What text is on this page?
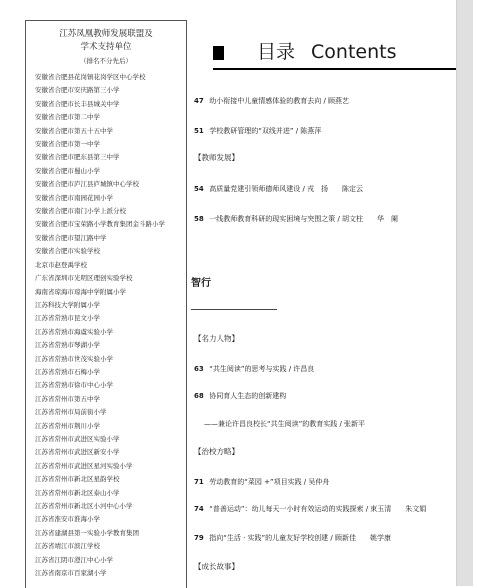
江苏凤凰教师发展联盟及
学术支持单位
（排名不分先后）
安徽省合肥县花岗镇花岗学区中心学校
安徽省合肥市安庆路第三小学
安徽省合肥市长丰县城关中学
安徽省合肥市第二中学
安徽省合肥市第五十五中学
安徽省合肥市第一中学
安徽省合肥市肥东县第三中学
安徽省合肥市蜀山小学
安徽省合肥市庐江县庐城镇中心学校
安徽省合肥市南园花园小学
安徽省合肥市南门小学上派分校
安徽省合肥市宝荣路小学教育集团金斗路小学
安徽省合肥市望江路中学
安徽省合肥市实验学校
北京市赵登禹学校
广东省深圳市光明区理创实验学校
海南省琼海市琼海中学附属小学
江苏科技大学附属小学
江苏省常熟市昆文小学
江苏省常熟市海虞实验小学
江苏省常熟市琴湖小学
江苏省常熟市世茂实验小学
江苏省常熟市石梅小学
江苏省常熟市徐市中心小学
江苏省常州市第五中学
江苏省常州市局前街小学
江苏省常州市荆川小学
江苏省常州市武进区实验小学
江苏省常州市武进区新安小学
江苏省常州市武进区星河实验小学
江苏省常州市新北区星韵学校
江苏省常州市新北区泰山小学
江苏省常州市新北区小河中心小学
江苏省淮安市淮海小学
江苏省建湖县第一实验小学教育集团
江苏省靖江市滨江学校
江苏省江阴市澄江中心小学
江苏省南京市百家湖小学
目录 Contents
47 幼小衔接中儿童情感体验的教育去向 / 顾燕艺
51 学校教研管理的“双线并进” / 陈燕萍
【教师发展】
54 高质量党建引领师德师风建设 / 戎　扬　　陈定云
58 一线教师教育科研的现实困境与突围之策 / 胡文柱　　华　阑
智行
【名力人物】
63 “共生阅读”的思考与实践 / 许昌良
68 协同育人生态的创新建构
——兼论许昌良校长“共生阅读”的教育实践 / 张新平
【治校方略】
71 劳动教育的“菜园 +”项目实践 / 吴仲舟
74 “普善运动”：幼儿每天一小时有效运动的实践探索 / 束玉清　　朱文娟
79 指向“生活 · 实践”的儿童友好学校创建 / 顾新佳　　姚学康
【成长故事】
